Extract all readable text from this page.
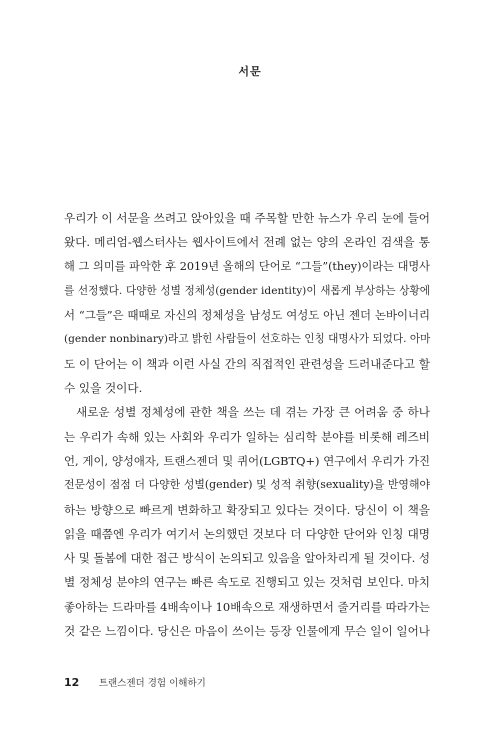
서문
우리가 이 서문을 쓰려고 앉아있을 때 주목할 만한 뉴스가 우리 눈에 들어
왔다. 메리엄-웹스터사는 웹사이트에서 전례 없는 양의 온라인 검색을 통
해 그 의미를 파악한 후 2019년 올해의 단어로 “그들”(they)이라는 대명사
를 선정했다. 다양한 성별 정체성(gender identity)이 새롭게 부상하는 상황에
서 “그들”은 때때로 자신의 정체성을 남성도 여성도 아닌 젠더 논바이너리
(gender nonbinary)라고 밝힌 사람들이 선호하는 인칭 대명사가 되었다. 아마
도 이 단어는 이 책과 이런 사실 간의 직접적인 관련성을 드러내준다고 할
수 있을 것이다.
새로운 성별 정체성에 관한 책을 쓰는 데 겪는 가장 큰 어려움 중 하나
는 우리가 속해 있는 사회와 우리가 일하는 심리학 분야를 비롯해 레즈비
언, 게이, 양성애자, 트랜스젠더 및 퀴어(LGBTQ+) 연구에서 우리가 가진
전문성이 점점 더 다양한 성별(gender) 및 성적 취향(sexuality)을 반영해야
하는 방향으로 빠르게 변화하고 확장되고 있다는 것이다. 당신이 이 책을
읽을 때쯤엔 우리가 여기서 논의했던 것보다 더 다양한 단어와 인칭 대명
사 및 돌봄에 대한 접근 방식이 논의되고 있음을 알아차리게 될 것이다. 성
별 정체성 분야의 연구는 빠른 속도로 진행되고 있는 것처럼 보인다. 마치
좋아하는 드라마를 4배속이나 10배속으로 재생하면서 줄거리를 따라가는
것 같은 느낌이다. 당신은 마음이 쓰이는 등장 인물에게 무슨 일이 일어나
12 트랜스젠더 경험 이해하기
